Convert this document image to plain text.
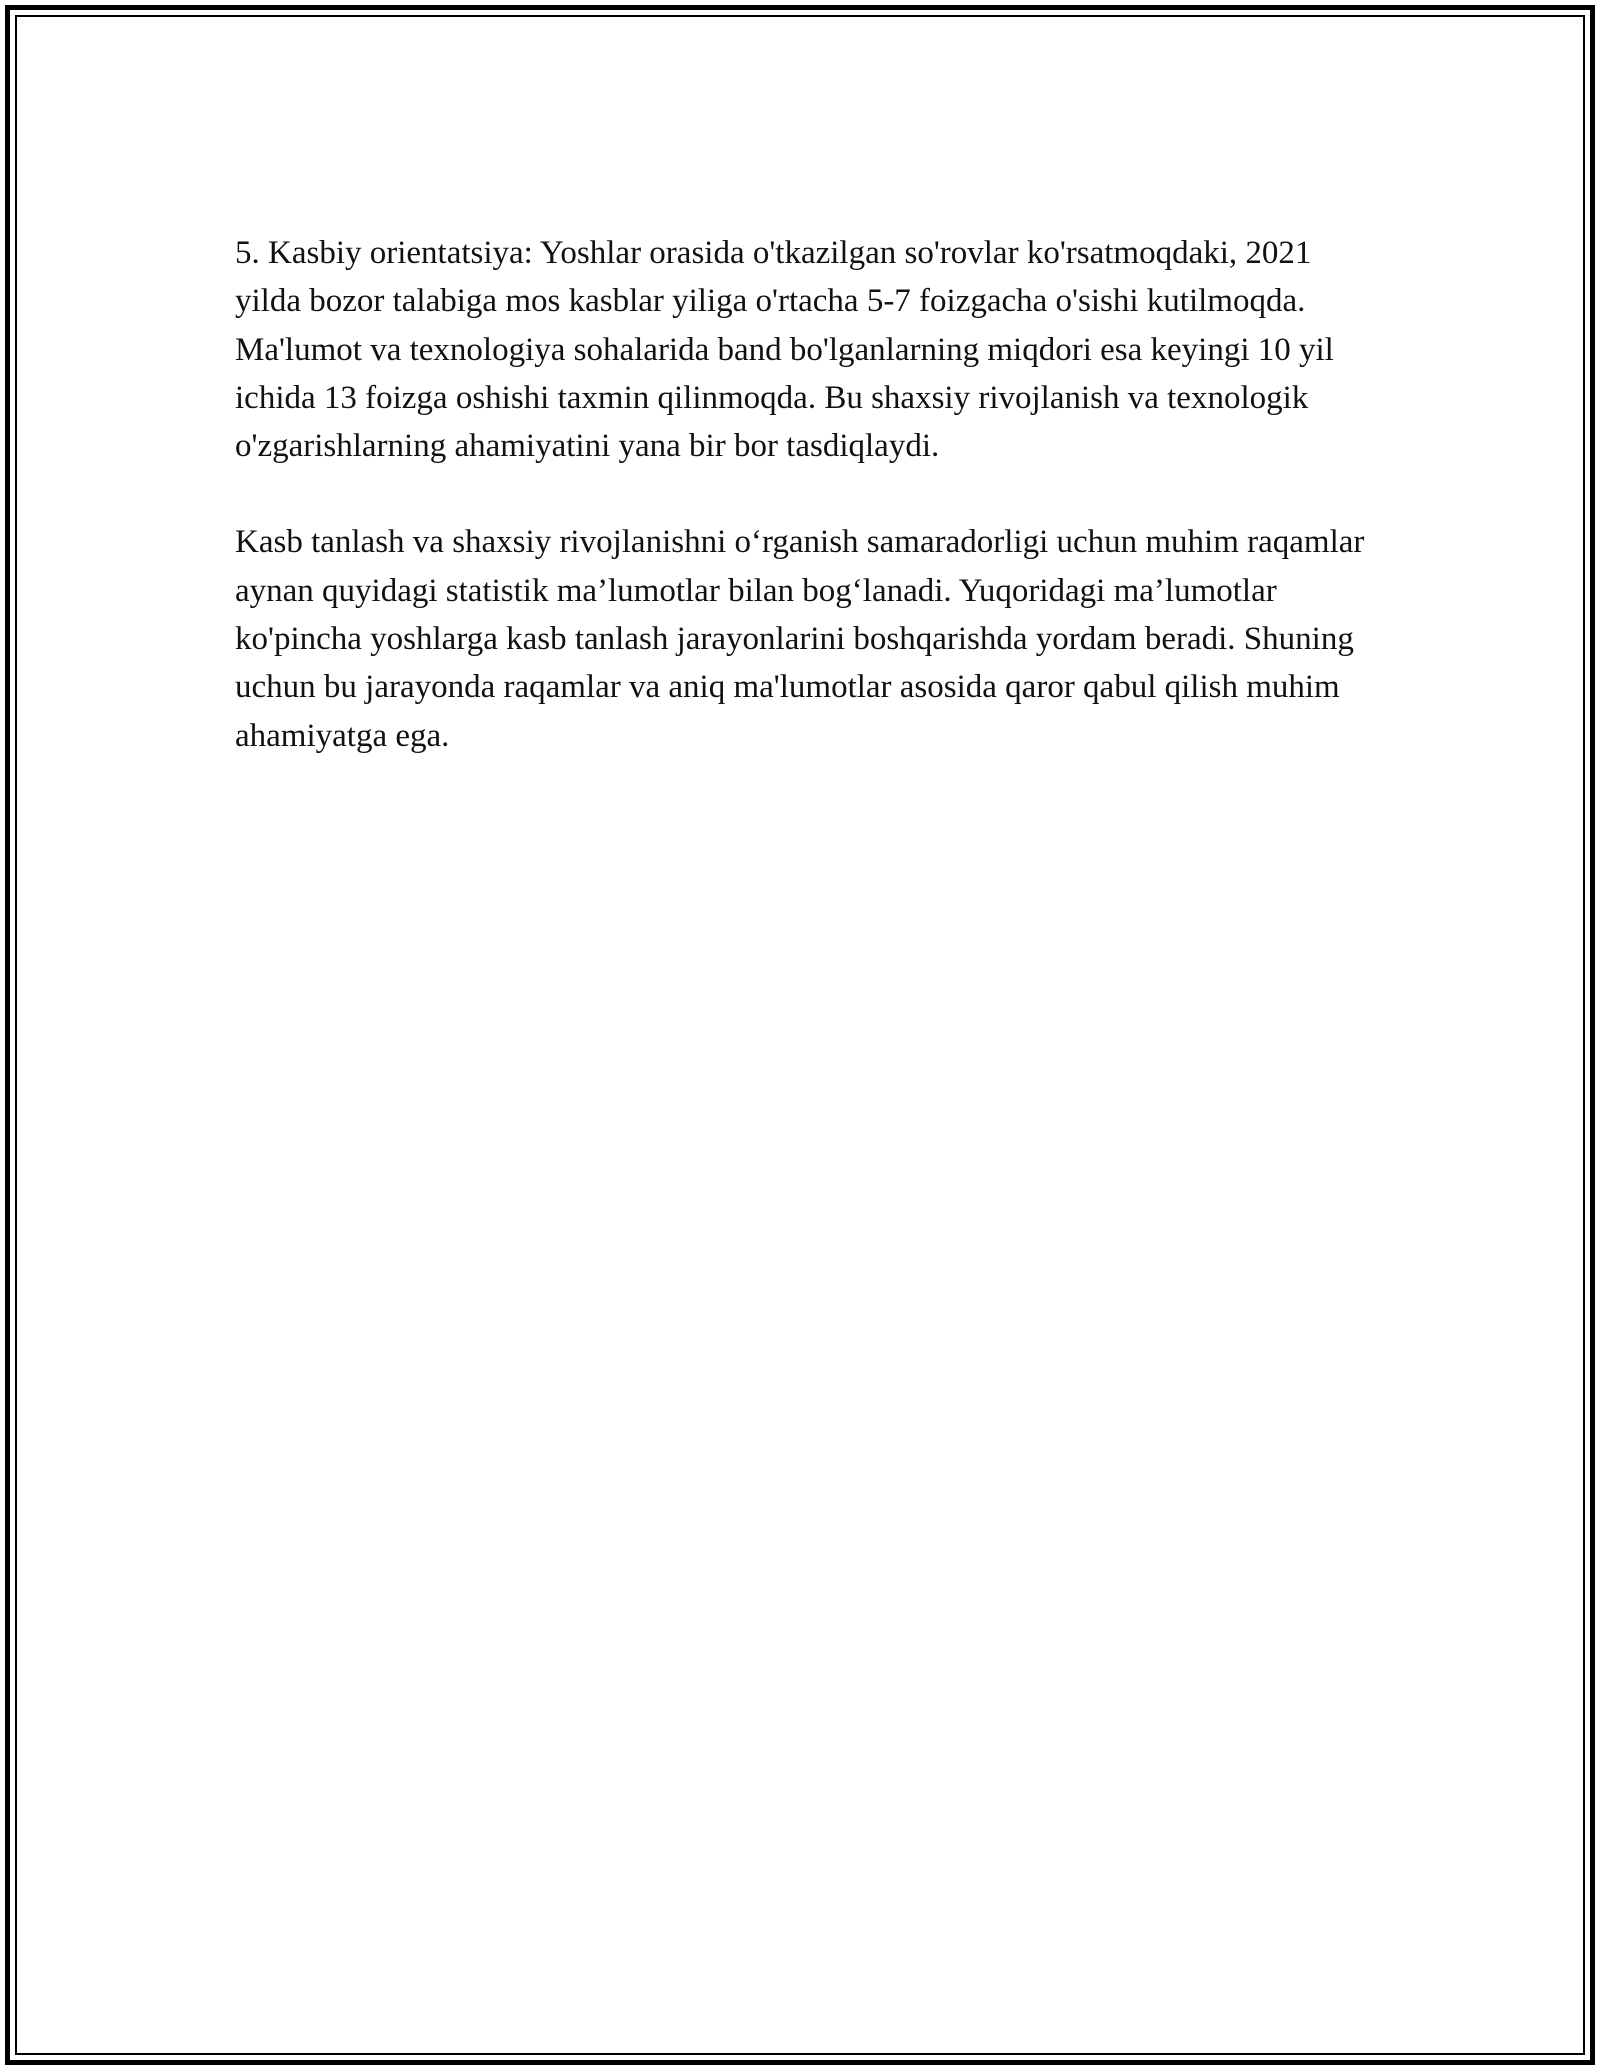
5. Kasbiy orientatsiya: Yoshlar orasida o'tkazilgan so'rovlar ko'rsatmoqdaki, 2021 yilda bozor talabiga mos kasblar yiliga o'rtacha 5-7 foizgacha o'sishi kutilmoqda. Ma'lumot va texnologiya sohalarida band bo'lganlarning miqdori esa keyingi 10 yil ichida 13 foizga oshishi taxmin qilinmoqda. Bu shaxsiy rivojlanish va texnologik o'zgarishlarning ahamiyatini yana bir bor tasdiqlaydi.

Kasb tanlash va shaxsiy rivojlanishni o‘rganish samaradorligi uchun muhim raqamlar aynan quyidagi statistik ma’lumotlar bilan bog‘lanadi. Yuqoridagi ma’lumotlar ko'pincha yoshlarga kasb tanlash jarayonlarini boshqarishda yordam beradi. Shuning uchun bu jarayonda raqamlar va aniq ma'lumotlar asosida qaror qabul qilish muhim ahamiyatga ega.
